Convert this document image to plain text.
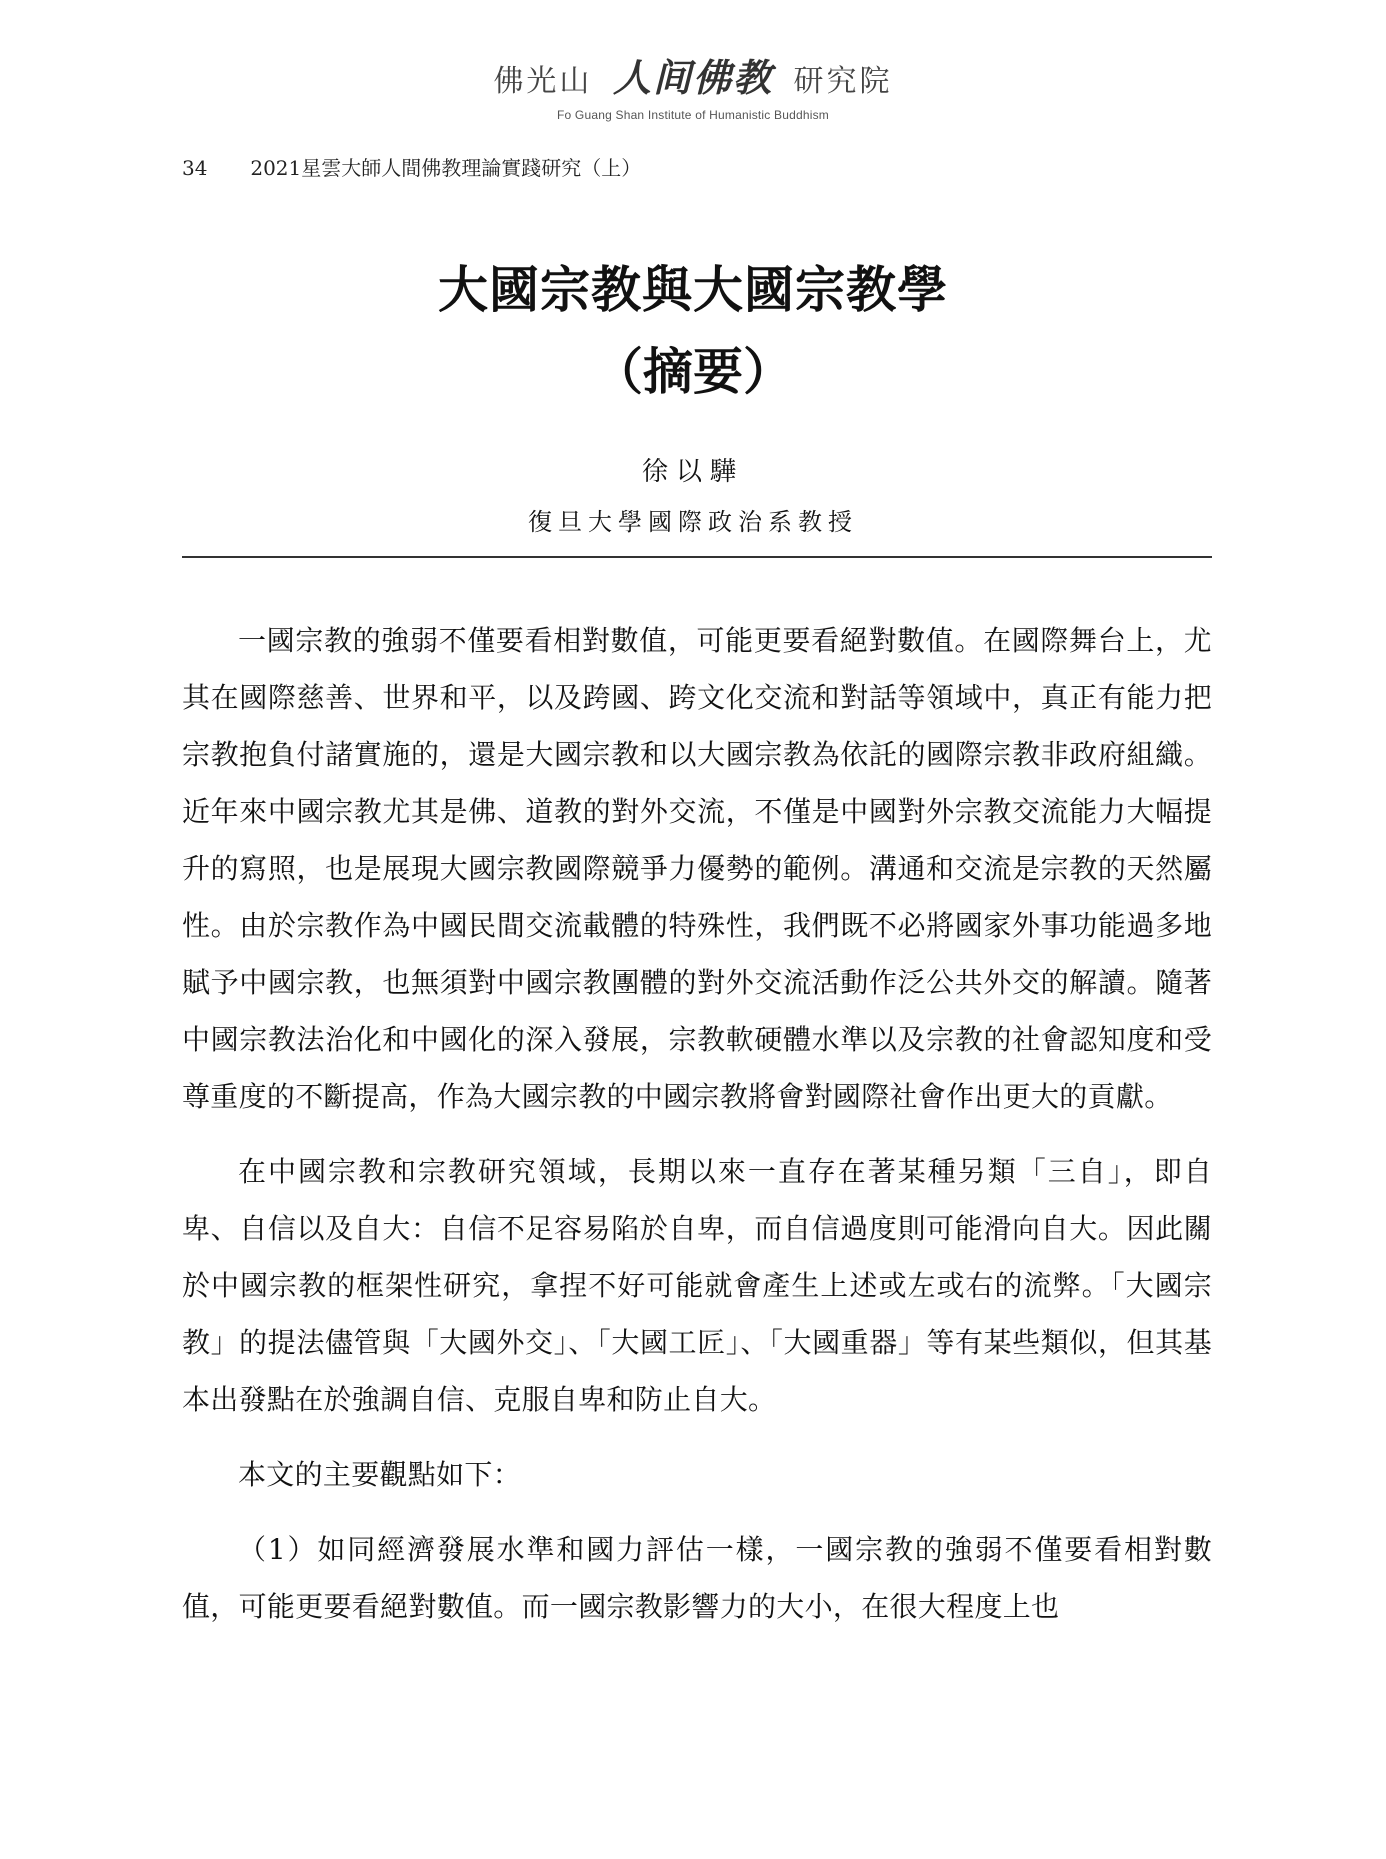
佛光山 人间佛教 研究院
Fo Guang Shan Institute of Humanistic Buddhism
34 2021星雲大師人間佛教理論實踐研究（上）
大國宗教與大國宗教學
（摘要）
徐以驊
復旦大學國際政治系教授

一國宗教的強弱不僅要看相對數值，可能更要看絕對數值。在國際舞台上，尤其在國際慈善、世界和平，以及跨國、跨文化交流和對話等領域中，真正有能力把宗教抱負付諸實施的，還是大國宗教和以大國宗教為依託的國際宗教非政府組織。近年來中國宗教尤其是佛、道教的對外交流，不僅是中國對外宗教交流能力大幅提升的寫照，也是展現大國宗教國際競爭力優勢的範例。溝通和交流是宗教的天然屬性。由於宗教作為中國民間交流載體的特殊性，我們既不必將國家外事功能過多地賦予中國宗教，也無須對中國宗教團體的對外交流活動作泛公共外交的解讀。隨著中國宗教法治化和中國化的深入發展，宗教軟硬體水準以及宗教的社會認知度和受尊重度的不斷提高，作為大國宗教的中國宗教將會對國際社會作出更大的貢獻。

在中國宗教和宗教研究領域，長期以來一直存在著某種另類「三自」，即自卑、自信以及自大：自信不足容易陷於自卑，而自信過度則可能滑向自大。因此關於中國宗教的框架性研究，拿捏不好可能就會產生上述或左或右的流弊。「大國宗教」的提法儘管與「大國外交」、「大國工匠」、「大國重器」等有某些類似，但其基本出發點在於強調自信、克服自卑和防止自大。

本文的主要觀點如下：

（1）如同經濟發展水準和國力評估一樣，一國宗教的強弱不僅要看相對數值，可能更要看絕對數值。而一國宗教影響力的大小，在很大程度上也
